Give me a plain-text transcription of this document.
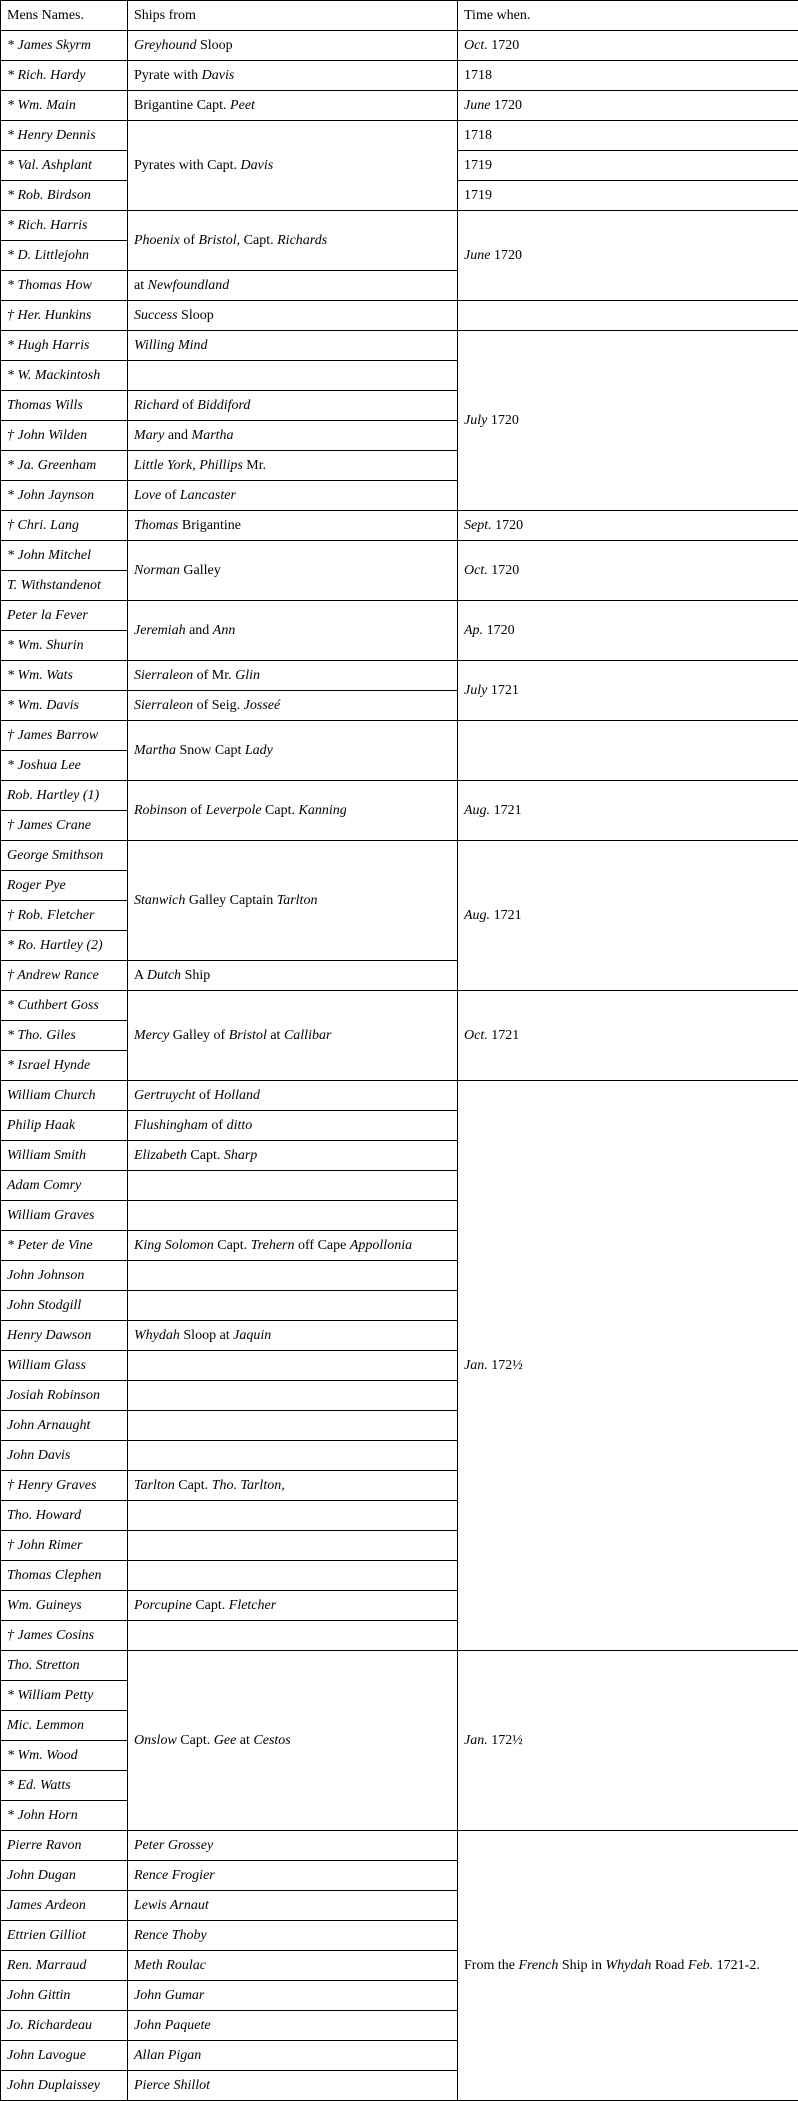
Mens Names.	Ships from	Time when.
* James Skyrm	Greyhound Sloop	Oct. 1720
* Rich. Hardy	Pyrate with Davis	1718
* Wm. Main	Brigantine Capt. Peet	June 1720
* Henry Dennis	Pyrates with Capt. Davis	1718
* Val. Ashplant		1719
* Rob. Birdson		1719
* Rich. Harris	Phoenix of Bristol, Capt. Richards	June 1720
* D. Littlejohn		
* Thomas How	at Newfoundland	
† Her. Hunkins	Success Sloop	
* Hugh Harris	Willing Mind	July 1720
* W. Mackintosh		
Thomas Wills	Richard of Biddiford	
† John Wilden	Mary and Martha	
* Ja. Greenham	Little York, Phillips Mr.	
* John Jaynson	Love of Lancaster	
† Chri. Lang	Thomas Brigantine	Sept. 1720
* John Mitchel	Norman Galley	Oct. 1720
T. Withstandenot		
Peter la Fever	Jeremiah and Ann	Ap. 1720
* Wm. Shurin		
* Wm. Wats	Sierraleon of Mr. Glin	July 1721
* Wm. Davis	Sierraleon of Seig. Josseé	
† James Barrow	Martha Snow Capt Lady	
* Joshua Lee		
Rob. Hartley (1)	Robinson of Leverpole Capt. Kanning	Aug. 1721
† James Crane		
George Smithson	Stanwich Galley Captain Tarlton	Aug. 1721
Roger Pye		
† Rob. Fletcher		
* Ro. Hartley (2)		
† Andrew Rance	A Dutch Ship	
* Cuthbert Goss	Mercy Galley of Bristol at Callibar	Oct. 1721
* Tho. Giles		
* Israel Hynde		
William Church	Gertruycht of Holland	Jan. 172½
Philip Haak	Flushingham of ditto	
William Smith	Elizabeth Capt. Sharp	
Adam Comry		
William Graves		
* Peter de Vine	King Solomon Capt. Trehern off Cape Appollonia	
John Johnson		
John Stodgill		
Henry Dawson	Whydah Sloop at Jaquin	
William Glass		
Josiah Robinson		
John Arnaught		
John Davis		
† Henry Graves	Tarlton Capt. Tho. Tarlton,	
Tho. Howard		
† John Rimer		
Thomas Clephen		
Wm. Guineys	Porcupine Capt. Fletcher	
† James Cosins		
Tho. Stretton	Onslow Capt. Gee at Cestos	Jan. 172½
* William Petty		
Mic. Lemmon		
* Wm. Wood		
* Ed. Watts		
* John Horn		
Pierre Ravon	Peter Grossey	From the French Ship in Whydah Road Feb. 1721-2.
John Dugan	Rence Frogier	
James Ardeon	Lewis Arnaut	
Ettrien Gilliot	Rence Thoby	
Ren. Marraud	Meth Roulac	
John Gittin	John Gumar	
Jo. Richardeau	John Paquete	
John Lavogue	Allan Pigan	
John Duplaissey	Pierce Shillot	
